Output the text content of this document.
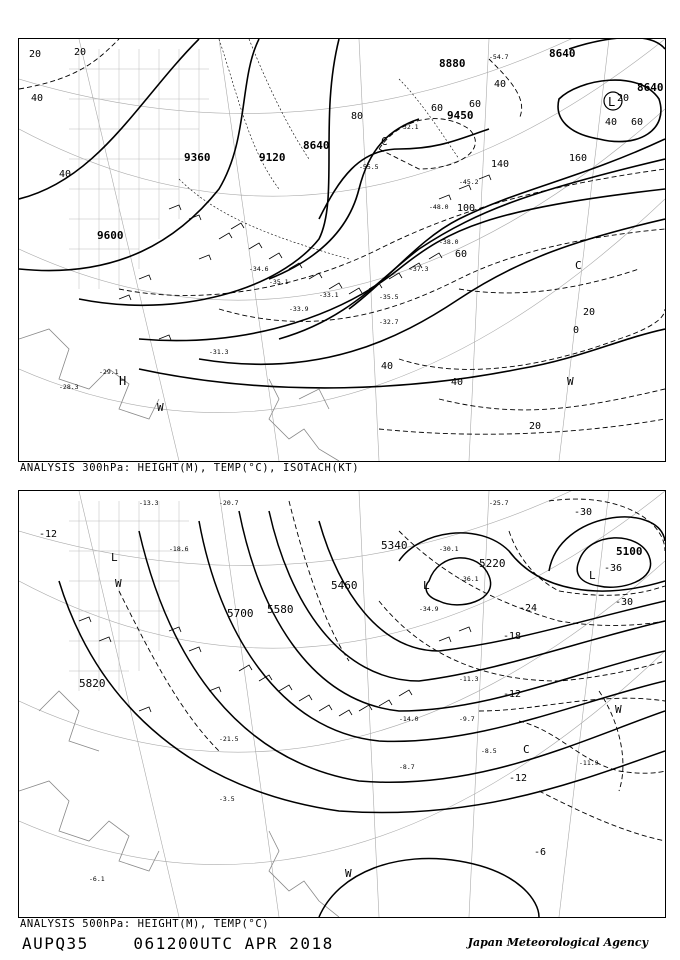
-54.7
-52.1
-55.5
-48.0
-45.2
-38.0
-37.3
-35.5
-34.6
-33.1
-32.7
-31.3
-29.1
-28.3
-35.1
-33.9
8880
8640
8640
9360	9120
8640
9450
9600
20	20
40
40
40
60	60
80
100
140
160
60
40
20
0
20
40 60
40
20
L
H
C
C
W
W
ANALYSIS 300hPa: HEIGHT(M), TEMP(°C), ISOTACH(KT)
-25.7
-30.1
-34.9
-36.1
-20.7
-18.6
-13.3
-11.3
-9.7
-8.5
-8.7	-11.9
-14.0
-21.5
-6.1
-3.5
5100
5220
5340
5460
5580
5700
5820
-30
-30
-36
-24
-18
-12
-12
-12
-6
L
L
L
W
W
W
C
ANALYSIS 500hPa: HEIGHT(M), TEMP(°C)
AUPQ35	061200UTC APR 2018	Japan Meteorological Agency
